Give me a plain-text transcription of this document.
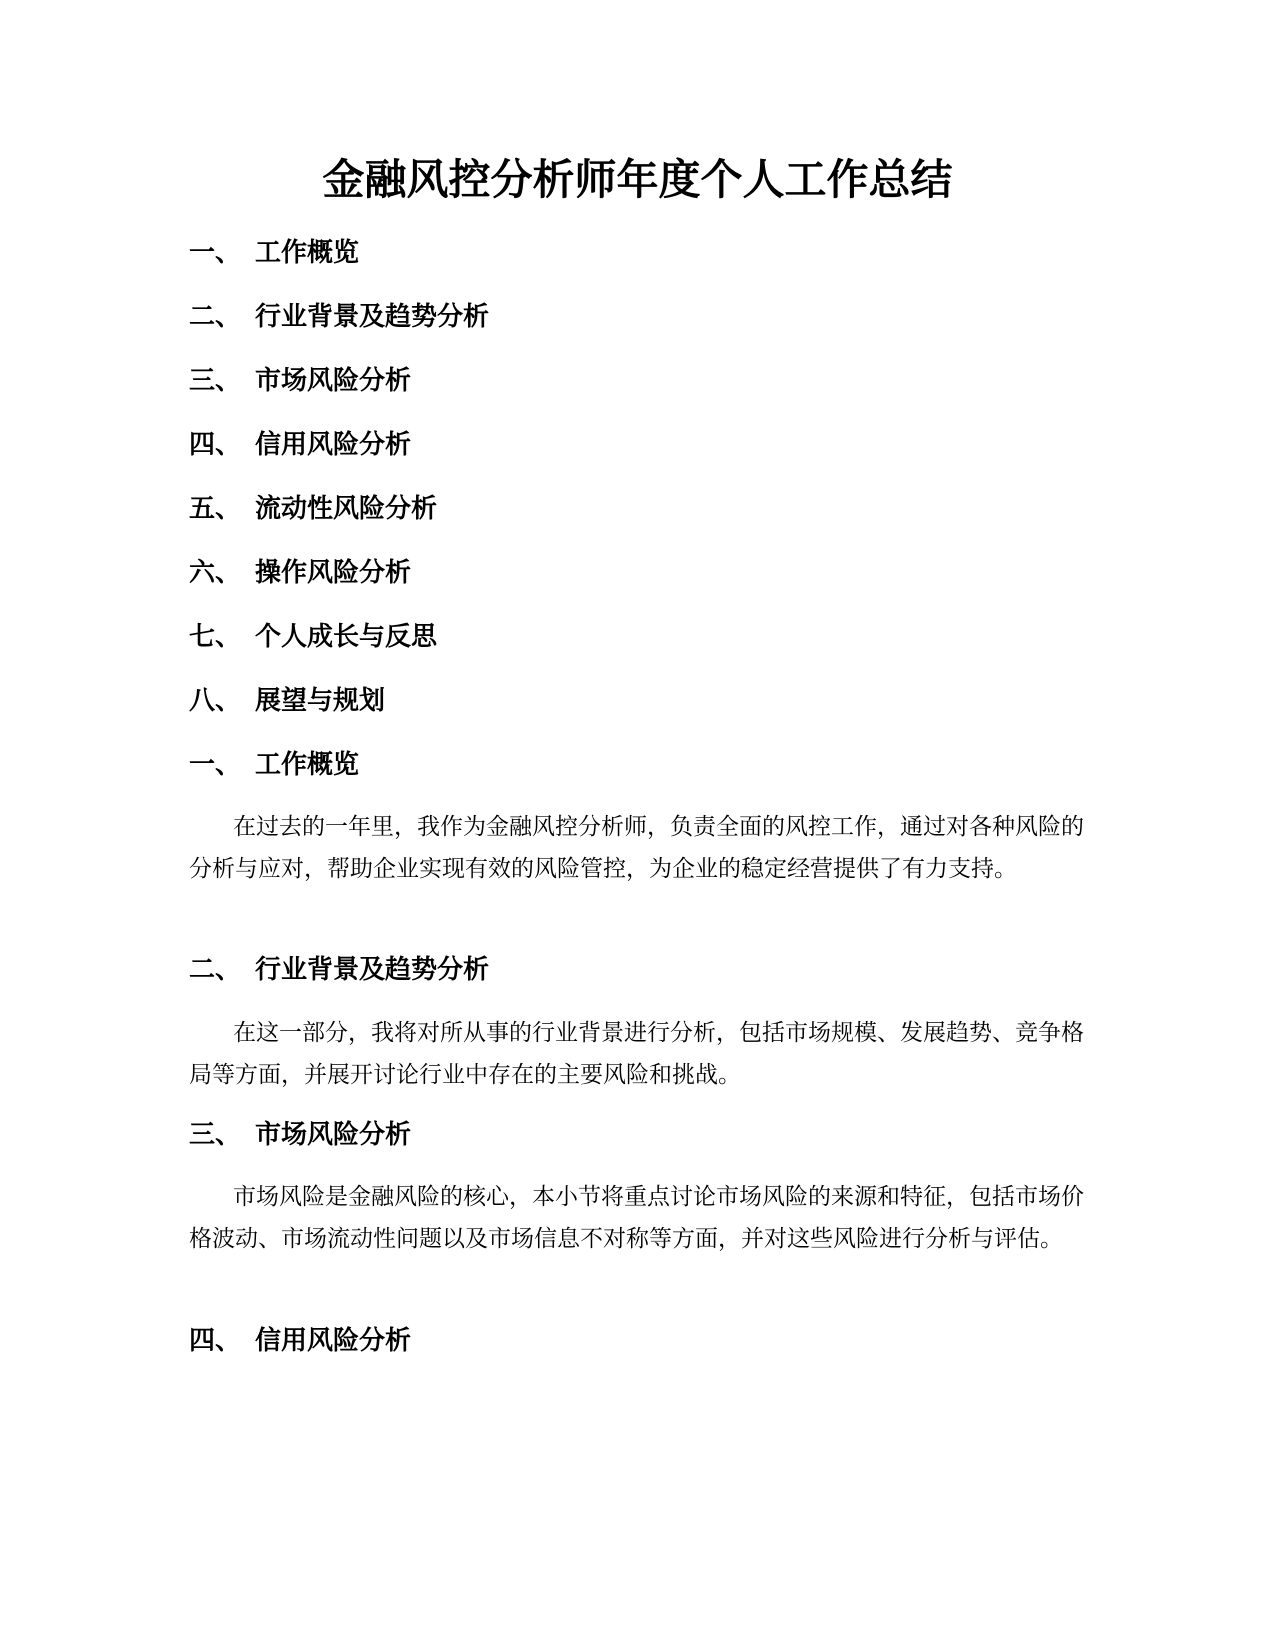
金融风控分析师年度个人工作总结
一、 工作概览
二、 行业背景及趋势分析
三、 市场风险分析
四、 信用风险分析
五、 流动性风险分析
六、 操作风险分析
七、 个人成长与反思
八、 展望与规划
一、 工作概览

在过去的一年里，我作为金融风控分析师，负责全面的风控工作，通过对各种风险的分析与应对，帮助企业实现有效的风险管控，为企业的稳定经营提供了有力支持。

二、 行业背景及趋势分析

在这一部分，我将对所从事的行业背景进行分析，包括市场规模、发展趋势、竞争格局等方面，并展开讨论行业中存在的主要风险和挑战。

三、 市场风险分析

市场风险是金融风险的核心，本小节将重点讨论市场风险的来源和特征，包括市场价格波动、市场流动性问题以及市场信息不对称等方面，并对这些风险进行分析与评估。

四、 信用风险分析
